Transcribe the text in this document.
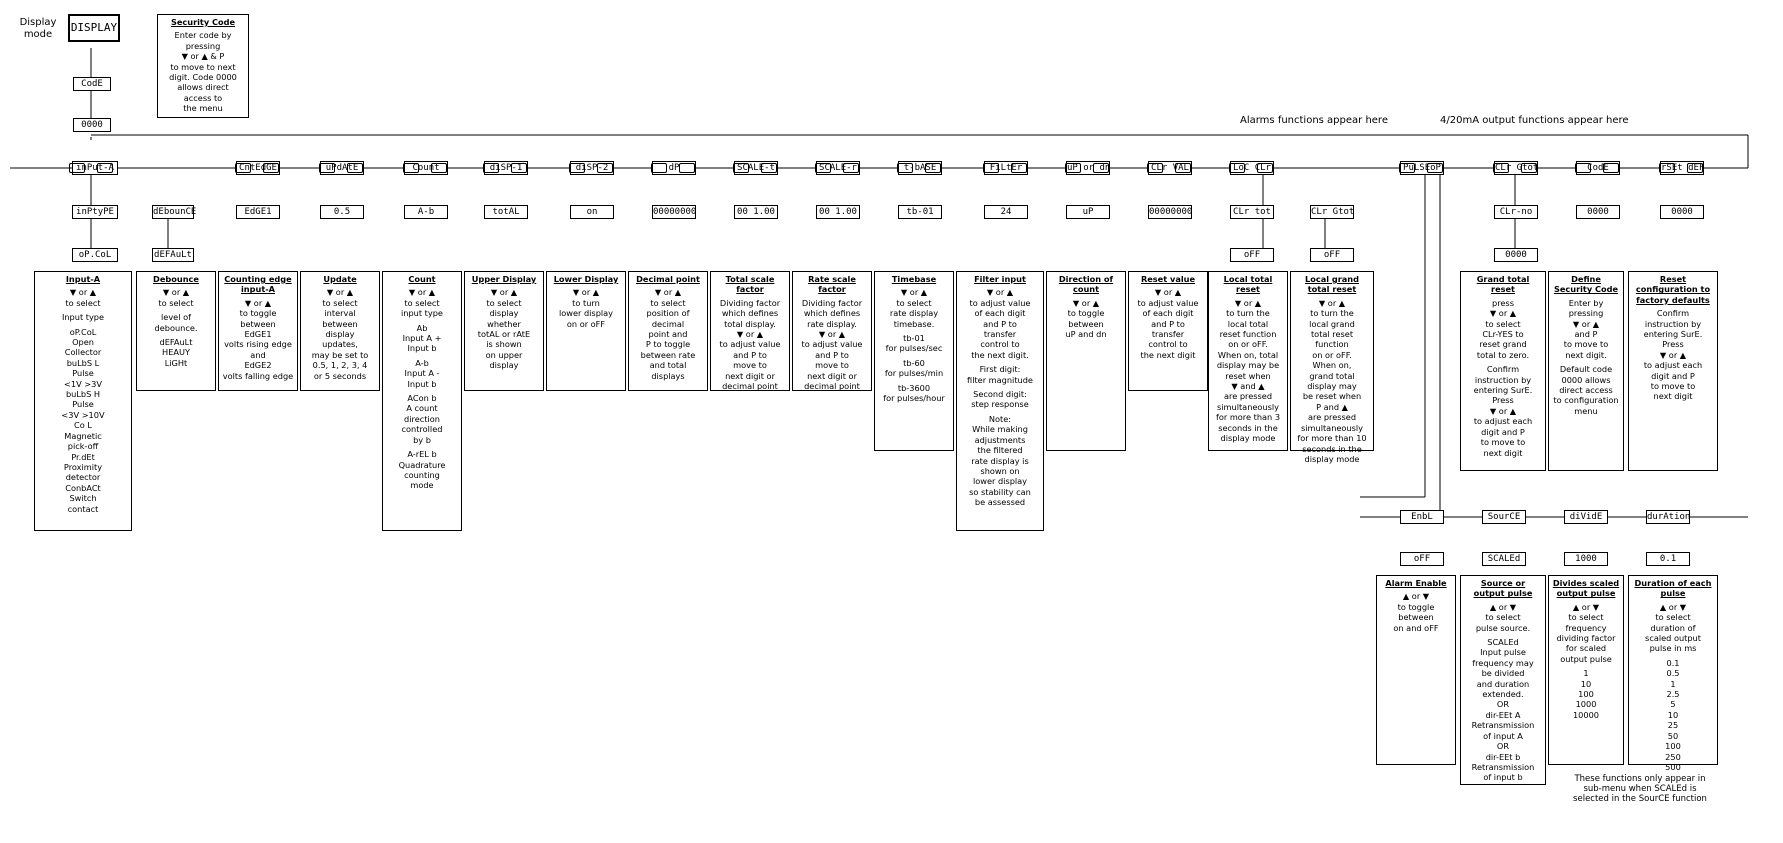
Display mode
DISPLAY	Security Code
Enter code by
pressing
▼ or ▲ & P
to move to next
digit. Code 0000
allows direct
access to
the menu
CodE
0000	Alarms functions appear here	4/20mA output functions appear here
inPut-A	CntEdGE	uPdAtE	Count	diSP-1	diSP-2	dP	SCALE-t	SCALE-r	t-bASE	FiLtEr	uP or dn	CLr VAL	LoC CLr	PuLSEoP	CLr Gtot	CodE	rSEt dEF
EdGE1	0.5	A-b	totAL	on	00000000	00 1.00	00 1.00	tb-01	24	uP	00000000	0000	0000
inPtyPE	dEbounCE
oP.CoL	dEFAuLt
CLr tot	CLr Gtot
oFF	oFF
CLr-no
0000
EnbL	SourCE	diVidE	durAtion
oFF	SCALEd	1000	0.1
Input-A
▼ or ▲
to select
Input type
oP.CoL
Open
Collector
buLbS L
Pulse
<1V >3V
buLbS H
Pulse
<3V >10V
Co L
Magnetic
pick-off
Pr.dEt
Proximity
detector
ConbACt
Switch
contact
Debounce
▼ or ▲
to select
level of
debounce.
dEFAuLt
HEAUY
LiGHt
Counting edge input-A
▼ or ▲
to toggle
between
EdGE1
volts rising edge
and
EdGE2
volts falling edge
Update
▼ or ▲
to select
interval
between
display
updates,
may be set to
0.5, 1, 2, 3, 4
or 5 seconds
Count
▼ or ▲
to select
input type
Ab
Input A +
Input b
A-b
Input A -
Input b
ACon b
A count
direction
controlled
by b
A-rEL b
Quadrature
counting
mode
Upper Display
▼ or ▲
to select
display
whether
totAL or rAtE
is shown
on upper
display
Lower Display
▼ or ▲
to turn
lower display
on or oFF
Decimal point
▼ or ▲
to select
position of
decimal
point and
P to toggle
between rate
and total
displays
Total scale factor
Dividing factor
which defines
total display.
▼ or ▲
to adjust value
and P to
move to
next digit or
decimal point
Rate scale factor
Dividing factor
which defines
rate display.
▼ or ▲
to adjust value
and P to
move to
next digit or
decimal point
Timebase
▼ or ▲
to select
rate display
timebase.
tb-01
for pulses/sec
tb-60
for pulses/min
tb-3600
for pulses/hour
Filter input
▼ or ▲
to adjust value
of each digit
and P to
transfer
control to
the next digit.
First digit:
filter magnitude
Second digit:
step response
Note:
While making
adjustments
the filtered
rate display is
shown on
lower display
so stability can
be assessed
Direction of count
▼ or ▲
to toggle
between
uP and dn
Reset value
▼ or ▲
to adjust value
of each digit
and P to
transfer
control to
the next digit
Local total reset
▼ or ▲
to turn the
local total
reset function
on or oFF.
When on, total
display may be
reset when
▼ and ▲
are pressed
simultaneously
for more than 3
seconds in the
display mode
Local grand total reset
▼ or ▲
to turn the
local grand
total reset
function
on or oFF.
When on,
grand total
display may
be reset when
P and ▲
are pressed
simultaneously
for more than 10
seconds in the
display mode
Grand total reset
press
▼ or ▲
to select
CLr-YES to
reset grand
total to zero.
Confirm
instruction by
entering SurE.
Press
▼ or ▲
to adjust each
digit and P
to move to
next digit
Define Security Code
Enter by
pressing
▼ or ▲
and P
to move to
next digit.
Default code
0000 allows
direct access
to configuration
menu
Reset configuration to factory defaults
Confirm
instruction by
entering SurE.
Press
▼ or ▲
to adjust each
digit and P
to move to
next digit
Alarm Enable
▲ or ▼
to toggle
between
on and oFF
Source or output pulse
▲ or ▼
to select
pulse source.
SCALEd
Input pulse
frequency may
be divided
and duration
extended.
OR
dir-EEt A
Retransmission
of input A
OR
dir-EEt b
Retransmission
of input b
Divides scaled output pulse
▲ or ▼
to select
frequency
dividing factor
for scaled
output pulse
1
10
100
1000
10000
Duration of each pulse
▲ or ▼
to select
duration of
scaled output
pulse in ms
0.1
0.5
1
2.5
5
10
25
50
100
250
500
These functions only appear in
sub-menu when SCALEd is
selected in the SourCE function
